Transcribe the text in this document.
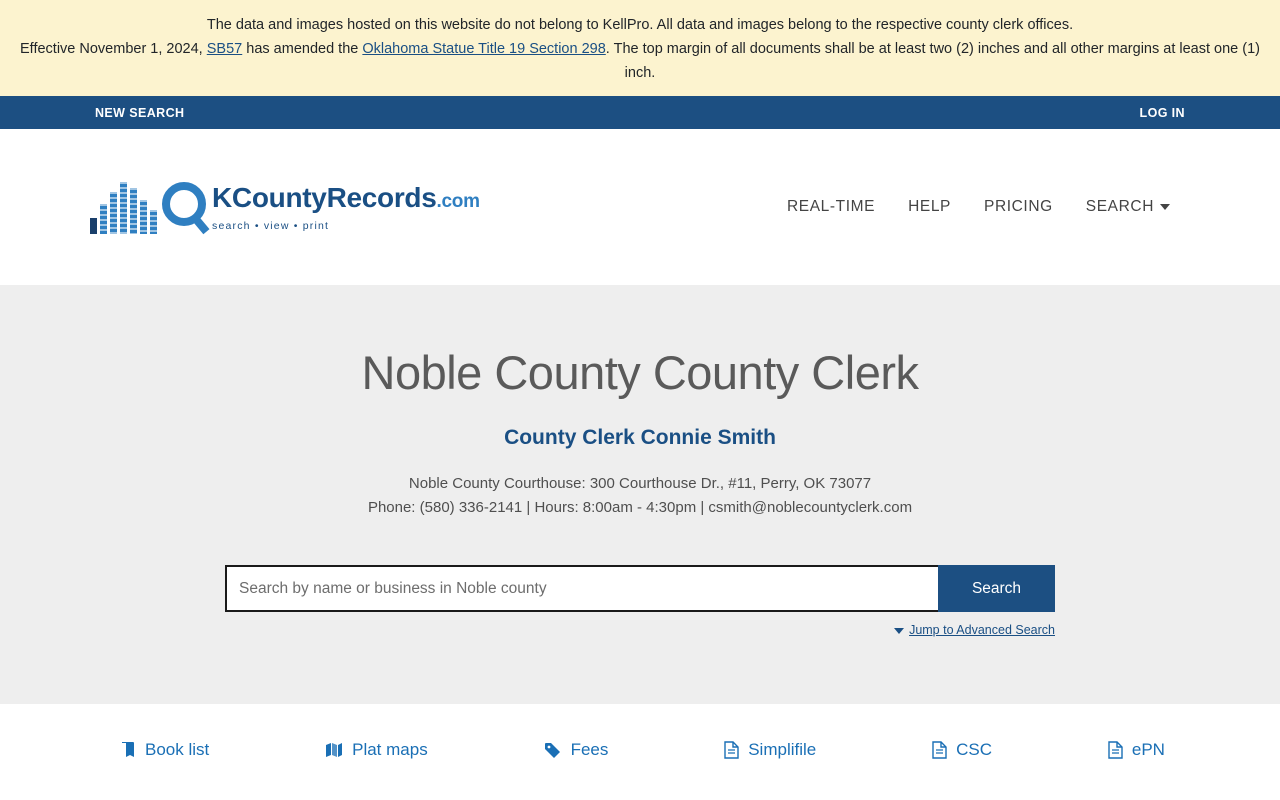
The data and images hosted on this website do not belong to KellPro. All data and images belong to the respective county clerk offices.
Effective November 1, 2024, SB57 has amended the Oklahoma Statue Title 19 Section 298. The top margin of all documents shall be at least two (2) inches and all other margins at least one (1) inch.
NEW SEARCH	LOG IN
KCountyRecords.com
search • view • print
REAL-TIME HELP PRICING SEARCH
Noble County County Clerk
County Clerk Connie Smith
Noble County Courthouse: 300 Courthouse Dr., #11, Perry, OK 73077
Phone: (580) 336-2141 | Hours: 8:00am - 4:30pm | csmith@noblecountyclerk.com
Search by name or business in Noble county
Search
Jump to Advanced Search
Book list	Plat maps	Fees	Simplifile	CSC	ePN
